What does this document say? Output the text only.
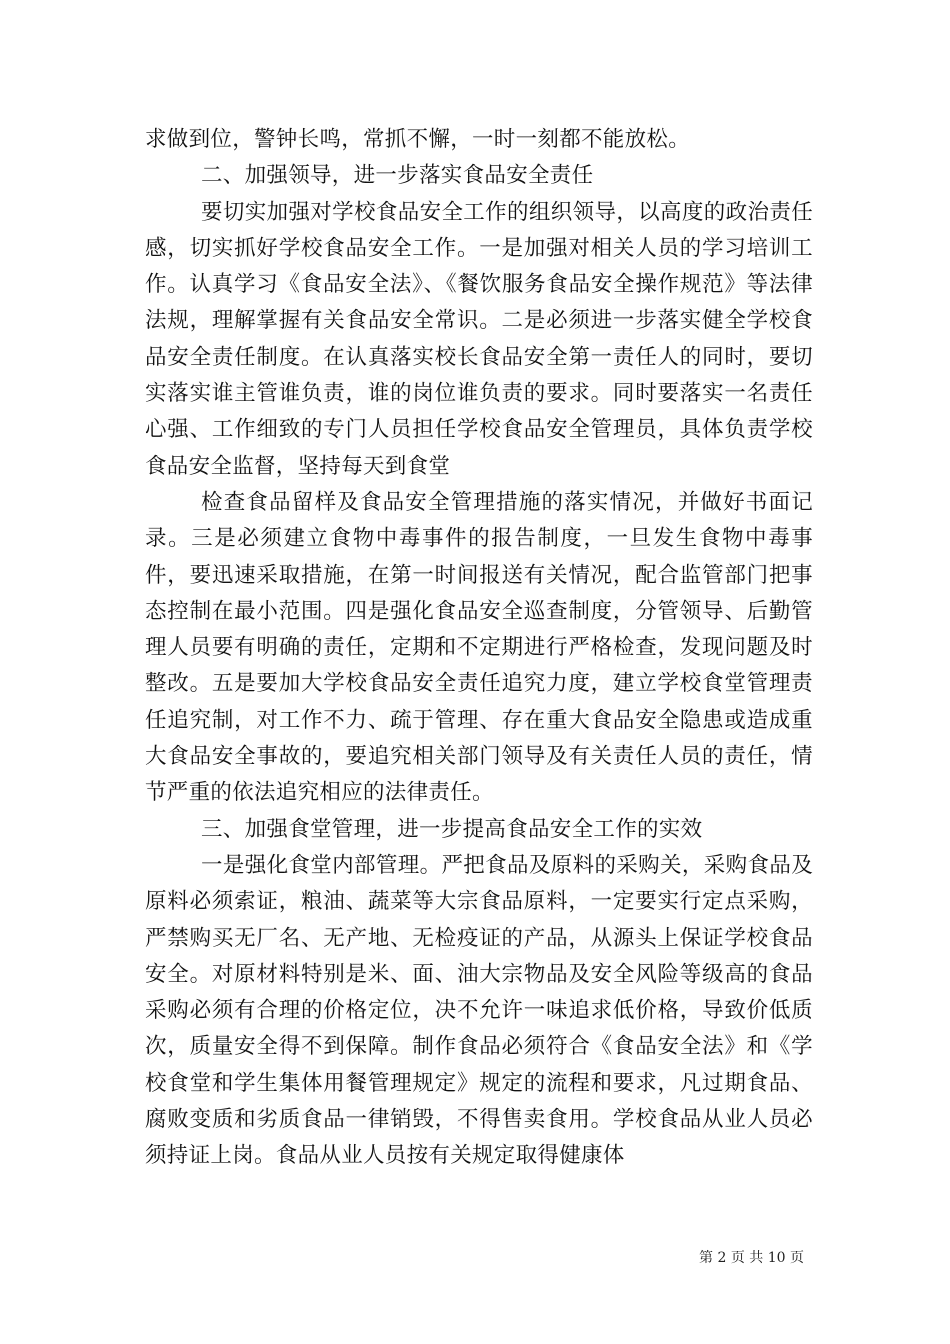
求做到位，警钟长鸣，常抓不懈，一时一刻都不能放松。

二、加强领导，进一步落实食品安全责任

要切实加强对学校食品安全工作的组织领导，以高度的政治责任感，切实抓好学校食品安全工作。一是加强对相关人员的学习培训工作。认真学习《食品安全法》、《餐饮服务食品安全操作规范》等法律法规，理解掌握有关食品安全常识。二是必须进一步落实健全学校食品安全责任制度。在认真落实校长食品安全第一责任人的同时，要切实落实谁主管谁负责，谁的岗位谁负责的要求。同时要落实一名责任心强、工作细致的专门人员担任学校食品安全管理员，具体负责学校食品安全监督，坚持每天到食堂

检查食品留样及食品安全管理措施的落实情况，并做好书面记录。三是必须建立食物中毒事件的报告制度，一旦发生食物中毒事件，要迅速采取措施，在第一时间报送有关情况，配合监管部门把事态控制在最小范围。四是强化食品安全巡查制度，分管领导、后勤管理人员要有明确的责任，定期和不定期进行严格检查，发现问题及时整改。五是要加大学校食品安全责任追究力度，建立学校食堂管理责任追究制，对工作不力、疏于管理、存在重大食品安全隐患或造成重大食品安全事故的，要追究相关部门领导及有关责任人员的责任，情节严重的依法追究相应的法律责任。

三、加强食堂管理，进一步提高食品安全工作的实效

一是强化食堂内部管理。严把食品及原料的采购关，采购食品及原料必须索证，粮油、蔬菜等大宗食品原料，一定要实行定点采购，严禁购买无厂名、无产地、无检疫证的产品，从源头上保证学校食品安全。对原材料特别是米、面、油大宗物品及安全风险等级高的食品采购必须有合理的价格定位，决不允许一味追求低价格，导致价低质次，质量安全得不到保障。制作食品必须符合《食品安全法》和《学校食堂和学生集体用餐管理规定》规定的流程和要求，凡过期食品、腐败变质和劣质食品一律销毁，不得售卖食用。学校食品从业人员必须持证上岗。食品从业人员按有关规定取得健康体

第 2 页 共 10 页
